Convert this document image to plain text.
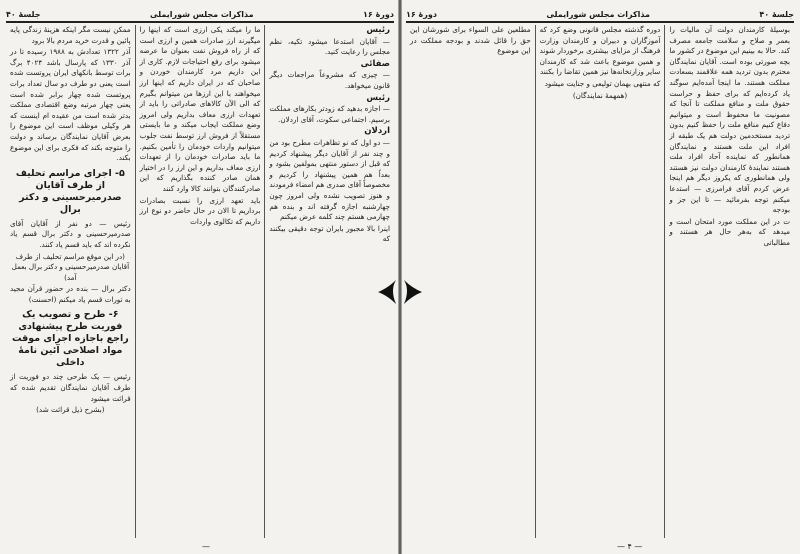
دورهٔ ۱۶
مذاکرات مجلس شورایملی
جلسهٔ ۴۰

رئیس

— آقایان استدعا میشود تکیه، نظم مجلس را رعایت کنید.

صفائی

— چیزی که مشروعاً مراجعات دیگر قانون میخواهد.

رئیس

— اجازه بدهید که زودتر بکارهای مملکت برسیم. اجتماعی سکوت، آقای اردلان.

اردلان

— دو اول که نو تظاهرات مطرح بود من و چند نفر از آقایان دیگر پیشنهاد کردیم که قبل از دستور منتهی بمولفین بشود و بعداً هم همین پیشنهاد را کردیم و مخصوصاً آقای صدری هم امضاء فرمودند و هنوز تصویب نشده ولی امروز چون چهارشنبه اجازه گرفته اند و بنده هم چهارمی هستم چند کلمه عرض میکنم

اینرا بالا مجبور بایران توجه دقیقی بیکنند که

ما را میکند یکی ارزی است که اینها را میگیرند ارز صادرات همین و ارزی است که از راه فروش نفت بعنوان ما عرضه میشود برای رفع احتیاجات لازم. کاری از این داریم مرد کارمندان خوردن و صاحبان که در ایران داریم که اینها ارز میخواهند با این ارزها من میتوانم بگیرم که الی الآن کالاهای صادراتی را باید از تعهدات ارزی معاف بداریم ولی امروز وضع مملکت ایجاب میکند و ما بایستی مستقلاً از فروش ارز توسط نفت جلوب میتوانیم واردات خودمان را تأمین بکنیم. ما باید صادرات خودمان را از تعهدات ارزی معاف بداریم و این ارز را در اختیار همان صادر کننده بگذاریم که این صادرکنندگان بتوانند کالا وارد کنند

باید تعهد ارزی را نسبت بصادرات برداریم تا الان در حال حاضر دو نوع ارز داریم که تکالوی واردات

ممکن نیست مگر اینکه هزینهٔ زندگی پایه پائین و قدرت خرید مردم بالا برود

آذر ۱۳۲۲ تعدادش به ۱۹۸۸ رسیده تا در آذر ۱۳۳۰ که پارسال باشد ۴۰۲۴ برگ برات توسط بانکهای ایران پروتست شده است یعنی دو طرف دو سال تعداد برات پروتست شده چهار برابر شده است یعنی چهار مرتبه وضع اقتصادی مملکت بدتر شده است من عقیده ام اینست که هر وکیلی موظف است این موضوع را بعرض آقایان نمایندگان برساند و دولت را متوجه بکند که فکری برای این موضوع بکند.

۵- اجرای مراسم تحلیف از طرف آقایان صدرمیرحسینی و دکتر برال

رئیس — دو نفر از آقایان آقای صدرمیرحسینی و دکتر برال قسم یاد نکرده اند که باید قسم یاد کنند.

(در این موقع مراسم تحلیف از طرف آقایان صدرمیرحسینی و دکتر برال بعمل آمد)

دکتر برال — بنده در حضور قرآن مجید به تورات قسم یاد میکنم (احسنت)

۶- طرح و تصویب یک فوریت طرح پیشنهادی راجع باجازه اجرای موقت مواد اصلاحی آئین نامهٔ داخلی

رئیس — یک طرحی چند دو فوریت از طرف آقایان نمایندگان تقدیم شده که قرائت میشود

(بشرح ذیل قرائت شد)

—
جلسهٔ ۴۰
مذاکرات مجلس شورایملی
دورهٔ ۱۶

بوسیلهٔ کارمندان دولت آن مالیات را بعمر و صلاح و سلامت جامعه مصرف کند. حالا به بینیم این موضوع در کشور ما بچه صورتی بوده است. آقایان نمایندگان محترم بدون تردید همه علاقمند بسعادت مملکت هستند. ما اینجا آمده‌ایم سوگند یاد کرده‌ایم که برای حفظ و حراست حقوق ملت و منافع مملکت تا آنجا که مصونیت ما محفوظ است و میتوانیم دفاع کنیم منافع ملت را حفظ کنیم بدون تردید مستخدمین دولت هم یک طبقه از افراد این ملت هستند و نمایندگان همانطور که نماینده آحاد افراد ملت هستند نمایندهٔ کارمندان دولت نیز هستند ولی همانطوری که یکروز دیگر هم اینجا عرض کردم آقای فرامرزی — استدعا میکنم توجه بفرمائید — تا این جز و بودجه

ت در این مملکت مورد امتحان است و میدهد که به‌هر حال هر هستند و مطالباتی

دوره گذشته مجلس قانونی وضع کرد که آموزگاران و دبیران و کارمندان وزارت فرهنگ از مزایای بیشتری برخوردار شوند و همین موضوع باعث شد که کارمندان سایر وزارتخانه‌ها نیز همین تقاضا را بکنند

که منتهی بهمان تولیعی و جنایت میشود

(همهمهٔ نمایندگان)

مطلعین علی السواء برای شورشان این حق را قائل شدند و بودجه مملکت در این موضوع

— ۴ —
